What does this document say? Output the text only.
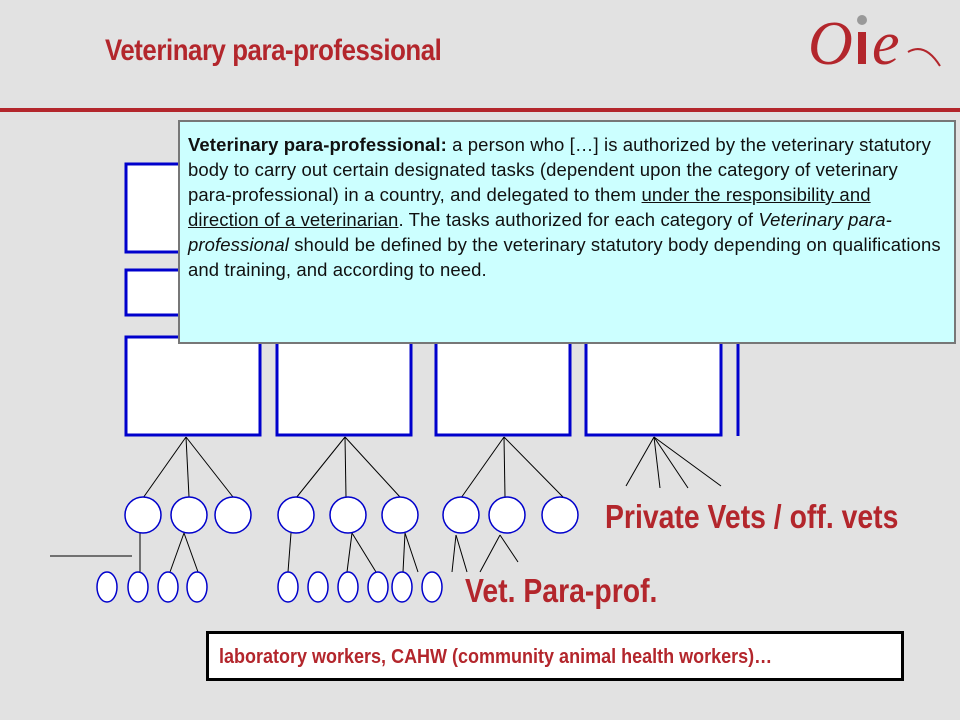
Veterinary para-professional	O e
Veterinary para-professional: a person who […] is authorized by the veterinary statutory body to carry out certain designated tasks (dependent upon the category of veterinary para-professional) in a country, and delegated to them under the responsibility and direction of a veterinarian. The tasks authorized for each category of Veterinary para-professional should be defined by the veterinary statutory body depending on qualifications and training, and according to need.
Private Vets / off. vets
Vet. Para-prof.
laboratory workers, CAHW (community animal health workers)…
